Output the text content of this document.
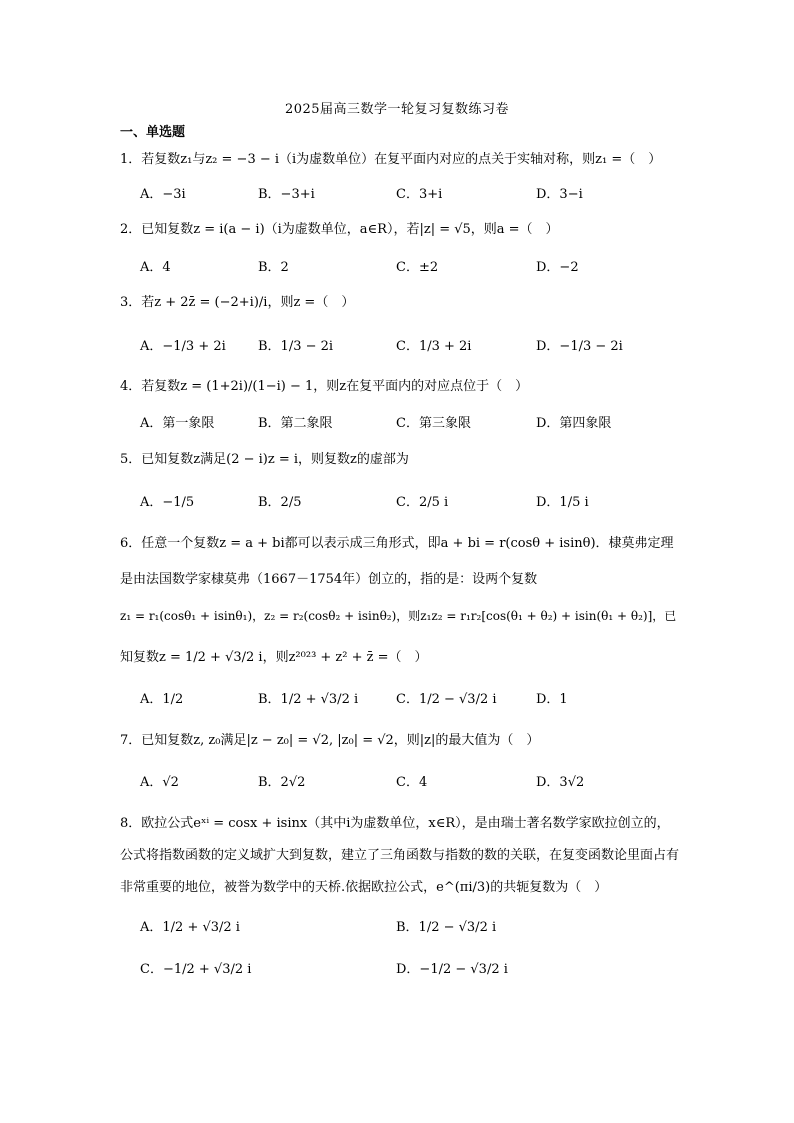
2025届高三数学一轮复习复数练习卷
一、单选题
1．若复数z₁与z₂ = −3 − i（i为虚数单位）在复平面内对应的点关于实轴对称，则z₁ =（　）
A．−3i	B．−3+i	C．3+i	D．3−i
2．已知复数z = i(a − i)（i为虚数单位，a∈R），若|z| = √5，则a =（　）
A．4	B．2	C．±2	D．−2
3．若z + 2z̄ = (−2+i)/i，则z =（　）
A．−1/3 + 2i B．1/3 − 2i	C．1/3 + 2i	D．−1/3 − 2i
4．若复数z = (1+2i)/(1−i) − 1，则z在复平面内的对应点位于（　）
A．第一象限	B．第二象限	C．第三象限	D．第四象限
5．已知复数z满足(2 − i)z = i，则复数z的虚部为
A．−1/5	B．2/5	C．2/5 i	D．1/5 i
6．任意一个复数z = a + bi都可以表示成三角形式，即a + bi = r(cosθ + isinθ)．棣莫弗定理
是由法国数学家棣莫弗（1667－1754年）创立的，指的是：设两个复数
z₁ = r₁(cosθ₁ + isinθ₁)，z₂ = r₂(cosθ₂ + isinθ₂)，则z₁z₂ = r₁r₂[cos(θ₁ + θ₂) + isin(θ₁ + θ₂)]，已
知复数z = 1/2 + √3/2 i，则z²⁰²³ + z² + z̄ =（　）
A．1/2	B．1/2 + √3/2 i	C．1/2 − √3/2 i	D．1
7．已知复数z, z₀满足|z − z₀| = √2, |z₀| = √2，则|z|的最大值为（　）
A．√2	B．2√2	C．4	D．3√2
8．欧拉公式eˣⁱ = cosx + isinx（其中i为虚数单位，x∈R），是由瑞士著名数学家欧拉创立的，公式将指数函数的定义域扩大到复数，建立了三角函数与指数的数的关联，在复变函数论里面占有非常重要的地位，被誉为数学中的天桥.依据欧拉公式，e^(πi/3)的共轭复数为（　）
A．1/2 + √3/2 i	B．1/2 − √3/2 i
C．−1/2 + √3/2 i	D．−1/2 − √3/2 i
